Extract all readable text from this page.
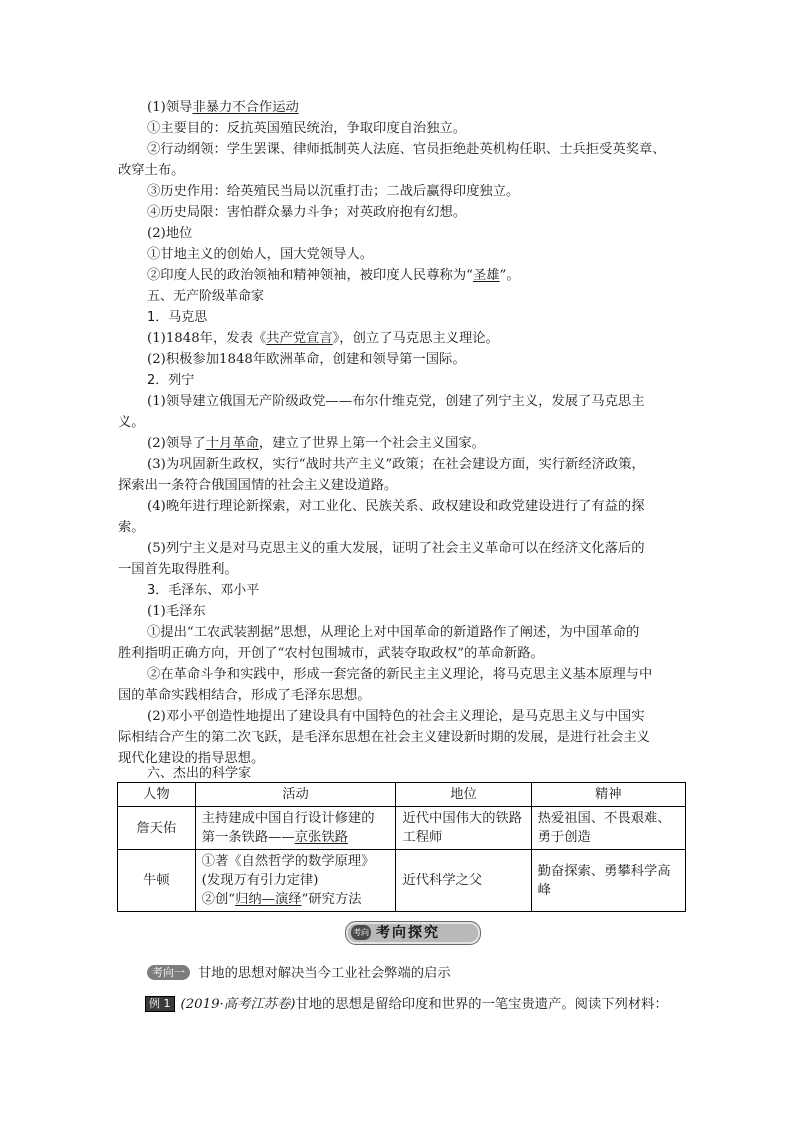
(1)领导非暴力不合作运动
①主要目的：反抗英国殖民统治，争取印度自治独立。
②行动纲领：学生罢课、律师抵制英人法庭、官员拒绝赴英机构任职、士兵拒受英奖章、
改穿土布。
③历史作用：给英殖民当局以沉重打击；二战后赢得印度独立。
④历史局限：害怕群众暴力斗争；对英政府抱有幻想。
(2)地位
①甘地主义的创始人，国大党领导人。
②印度人民的政治领袖和精神领袖，被印度人民尊称为“圣雄”。
五、无产阶级革命家
1．马克思
(1)1848年，发表《共产党宣言》，创立了马克思主义理论。
(2)积极参加1848年欧洲革命，创建和领导第一国际。
2．列宁
(1)领导建立俄国无产阶级政党——布尔什维克党，创建了列宁主义，发展了马克思主
义。
(2)领导了十月革命，建立了世界上第一个社会主义国家。
(3)为巩固新生政权，实行“战时共产主义”政策；在社会建设方面，实行新经济政策，
探索出一条符合俄国国情的社会主义建设道路。
(4)晚年进行理论新探索，对工业化、民族关系、政权建设和政党建设进行了有益的探
索。
(5)列宁主义是对马克思主义的重大发展，证明了社会主义革命可以在经济文化落后的
一国首先取得胜利。
3．毛泽东、邓小平
(1)毛泽东
①提出“工农武装割据”思想，从理论上对中国革命的新道路作了阐述，为中国革命的
胜利指明正确方向，开创了“农村包围城市，武装夺取政权”的革命新路。
②在革命斗争和实践中，形成一套完备的新民主主义理论，将马克思主义基本原理与中
国的革命实践相结合，形成了毛泽东思想。
(2)邓小平创造性地提出了建设具有中国特色的社会主义理论，是马克思主义与中国实
际相结合产生的第二次飞跃，是毛泽东思想在社会主义建设新时期的发展，是进行社会主义
现代化建设的指导思想。
六、杰出的科学家
人物	活动	地位	精神
詹天佑	主持建成中国自行设计修建的
第一条铁路——京张铁路	近代中国伟大的铁路工程师	热爱祖国、不畏艰难、勇于创造
牛顿	①著《自然哲学的数学原理》
(发现万有引力定律)
②创“归纳—演绎”研究方法	近代科学之父	勤奋探索、勇攀科学高峰
考向 考向探究
考向一 甘地的思想对解决当今工业社会弊端的启示
例 1 (2019·高考江苏卷)甘地的思想是留给印度和世界的一笔宝贵遗产。阅读下列材料：
